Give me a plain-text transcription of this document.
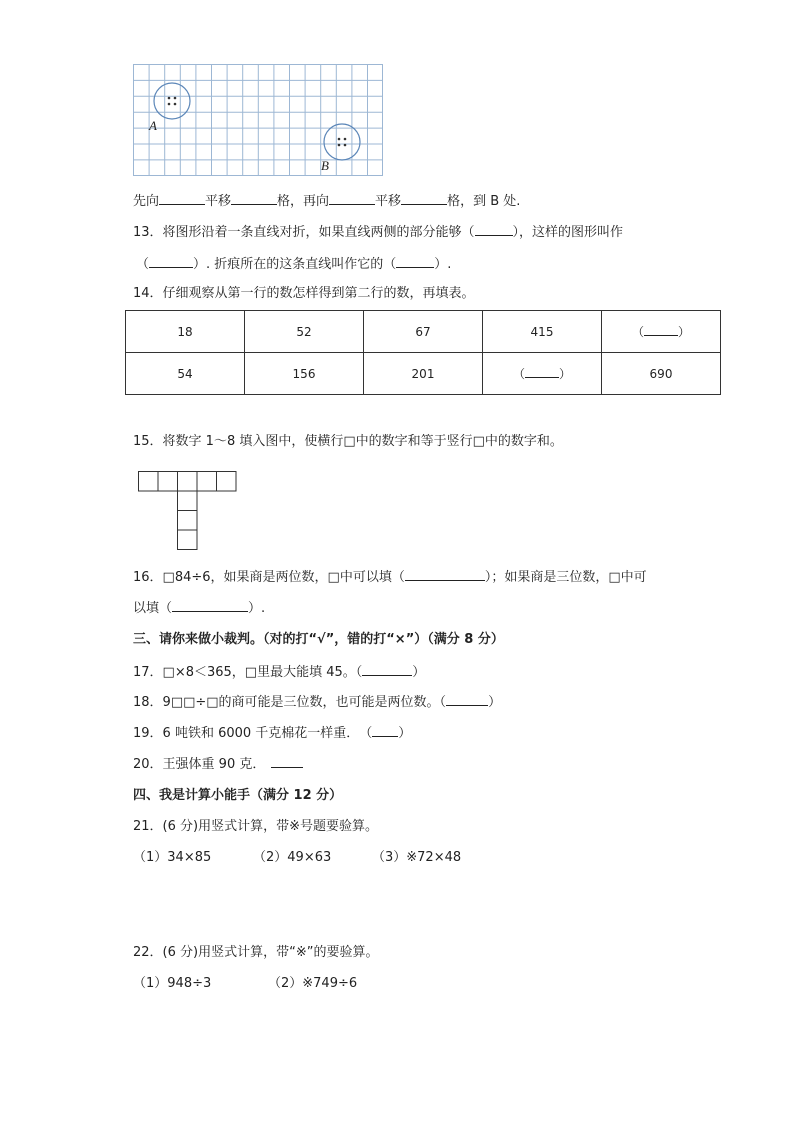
A
B
先向	平移	格，再向	平移	格，到 B 处.
13．将图形沿着一条直线对折，如果直线两侧的部分能够（	），这样的图形叫作
（	）. 折痕所在的这条直线叫作它的（	）.
14．仔细观察从第一行的数怎样得到第二行的数，再填表。
18	52	67	415	（ ）
54	156	201	（ ）	690
15．将数字 1～8 填入图中，使横行□中的数字和等于竖行□中的数字和。
16．□84÷6，如果商是两位数，□中可以填（	）；如果商是三位数，□中可
以填（	）.
三、请你来做小裁判。（对的打“√”，错的打“×”）（满分 8 分）
17．□×8＜365，□里最大能填 45。（	）
18．9□□÷□的商可能是三位数，也可能是两位数。（	）
19．6 吨铁和 6000 千克棉花一样重．　（ ）
20．王强体重 90 克．
四、我是计算小能手（满分 12 分）
21．(6 分)用竖式计算，带※号题要验算。
（1）34×85	（2）49×63	（3）※72×48
22．(6 分)用竖式计算，带“※”的要验算。
（1）948÷3	（2）※749÷6
